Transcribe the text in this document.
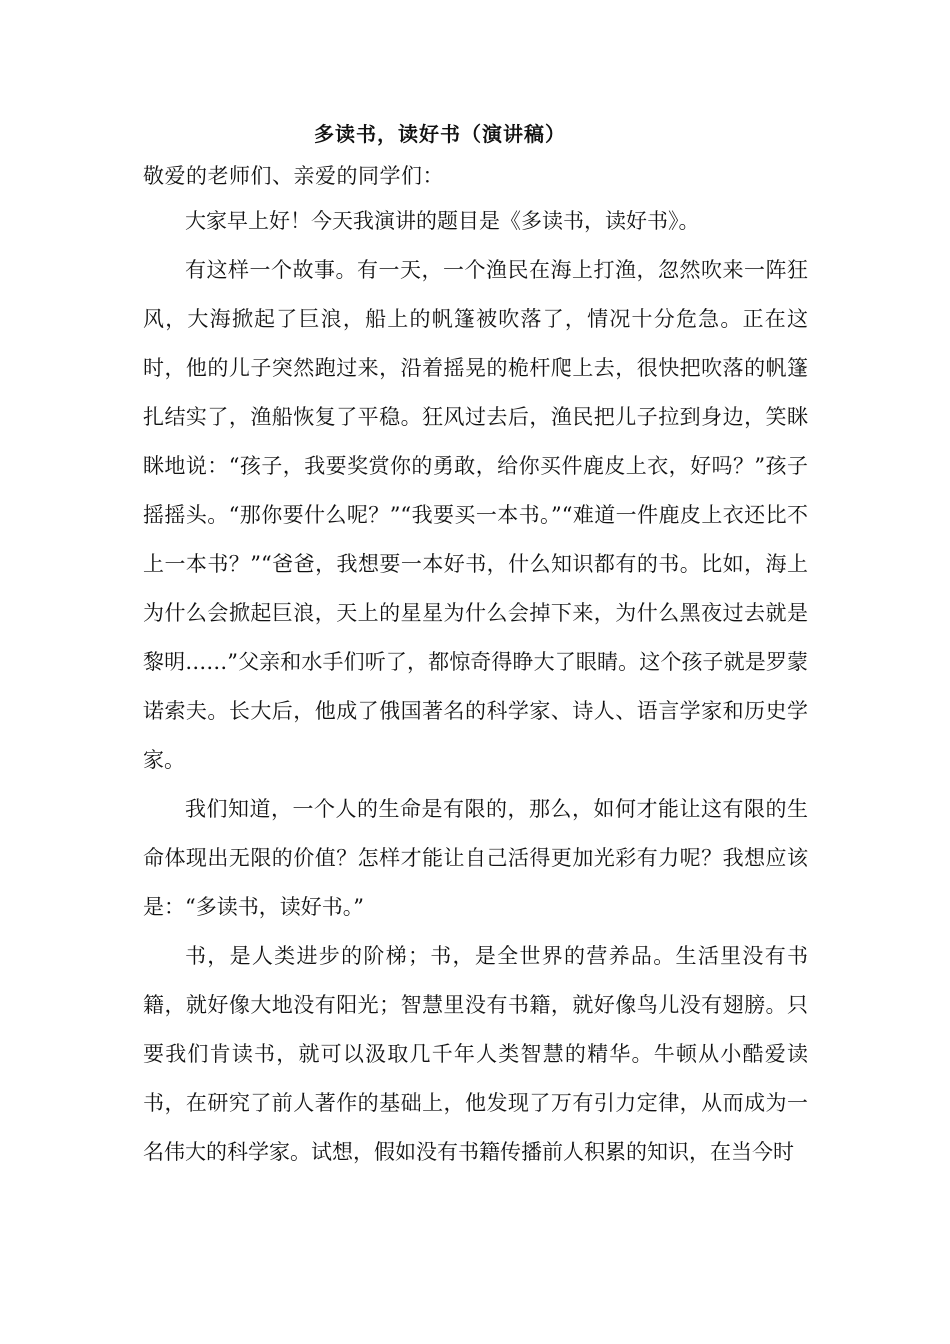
多读书，读好书（演讲稿）
敬爱的老师们、亲爱的同学们：

大家早上好！今天我演讲的题目是《多读书，读好书》。

有这样一个故事。有一天，一个渔民在海上打渔，忽然吹来一阵狂风，大海掀起了巨浪，船上的帆篷被吹落了，情况十分危急。正在这时，他的儿子突然跑过来，沿着摇晃的桅杆爬上去，很快把吹落的帆篷扎结实了，渔船恢复了平稳。狂风过去后，渔民把儿子拉到身边，笑眯眯地说：“孩子，我要奖赏你的勇敢，给你买件鹿皮上衣，好吗？”孩子摇摇头。“那你要什么呢？”“我要买一本书。”“难道一件鹿皮上衣还比不上一本书？”“爸爸，我想要一本好书，什么知识都有的书。比如，海上为什么会掀起巨浪，天上的星星为什么会掉下来，为什么黑夜过去就是黎明……”父亲和水手们听了，都惊奇得睁大了眼睛。这个孩子就是罗蒙诺索夫。长大后，他成了俄国著名的科学家、诗人、语言学家和历史学家。

我们知道，一个人的生命是有限的，那么，如何才能让这有限的生命体现出无限的价值？怎样才能让自己活得更加光彩有力呢？我想应该是：“多读书，读好书。”

书，是人类进步的阶梯；书，是全世界的营养品。生活里没有书籍，就好像大地没有阳光；智慧里没有书籍，就好像鸟儿没有翅膀。只要我们肯读书，就可以汲取几千年人类智慧的精华。牛顿从小酷爱读书，在研究了前人著作的基础上，他发现了万有引力定律，从而成为一名伟大的科学家。试想，假如没有书籍传播前人积累的知识，在当今时
